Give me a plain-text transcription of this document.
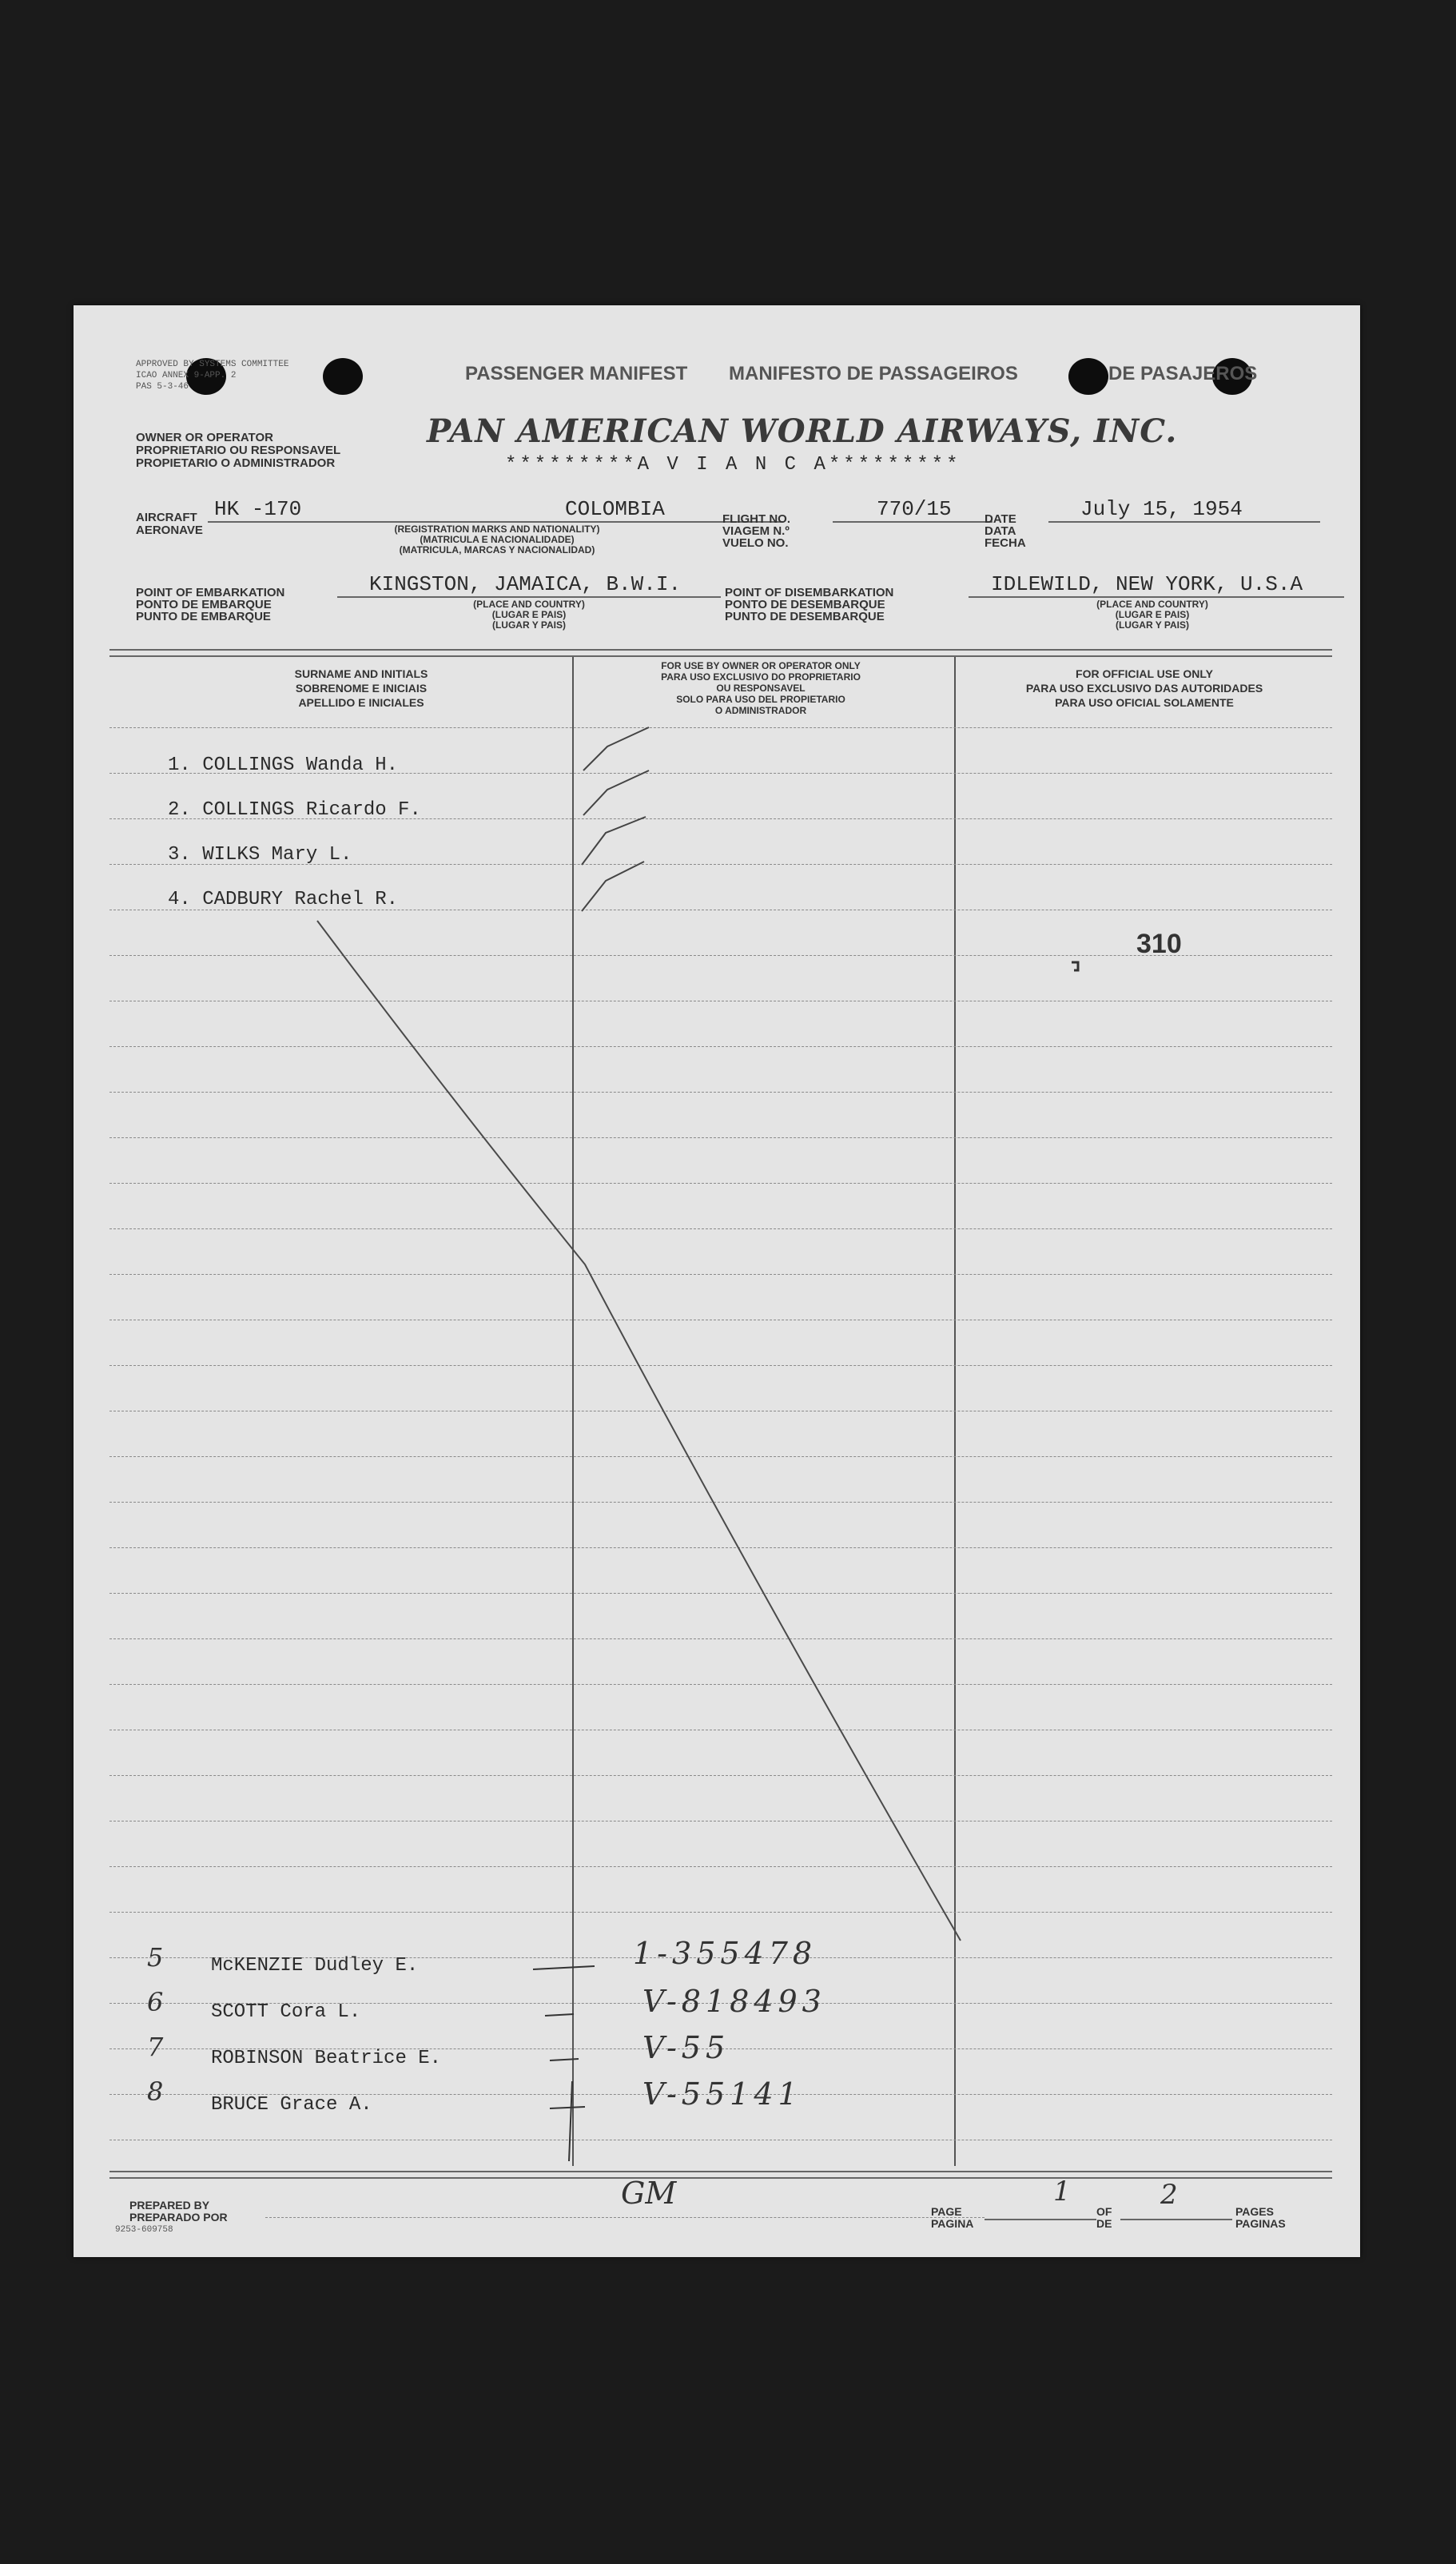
APPROVED BY SYSTEMS COMMITTEE
ICAO ANNEX 9-APP. 2
PAS 5-3-46
PASSENGER MANIFEST MANIFESTO DE PASSAGEIROS	DE PASAJEROS
OWNER OR OPERATOR
PROPRIETARIO OU RESPONSAVEL
PROPIETARIO O ADMINISTRADOR
PAN AMERICAN WORLD AIRWAYS, INC.
*********A V I A N C A*********
AIRCRAFT
AERONAVE
HK -170	COLOMBIA
(REGISTRATION MARKS AND NATIONALITY)
(MATRICULA E NACIONALIDADE)
(MATRICULA, MARCAS Y NACIONALIDAD)
FLIGHT NO.
VIAGEM N.º
VUELO NO.
770/15	DATE
DATA
FECHA
July 15, 1954
POINT OF EMBARKATION
PONTO DE EMBARQUE
PUNTO DE EMBARQUE
KINGSTON, JAMAICA, B.W.I.
(PLACE AND COUNTRY)
(LUGAR E PAIS)
(LUGAR Y PAIS)
POINT OF DISEMBARKATION
PONTO DE DESEMBARQUE
PUNTO DE DESEMBARQUE
IDLEWILD, NEW YORK, U.S.A
(PLACE AND COUNTRY)
(LUGAR E PAIS)
(LUGAR Y PAIS)
SURNAME AND INITIALS
SOBRENOME E INICIAIS
APELLIDO E INICIALES
FOR USE BY OWNER OR OPERATOR ONLY
PARA USO EXCLUSIVO DO PROPRIETARIO
OU RESPONSAVEL
SOLO PARA USO DEL PROPIETARIO
O ADMINISTRADOR
FOR OFFICIAL USE ONLY
PARA USO EXCLUSIVO DAS AUTORIDADES
PARA USO OFICIAL SOLAMENTE
1. COLLINGS Wanda H.
2. COLLINGS Ricardo F.
3. WILKS Mary L.
4. CADBURY Rachel R.
310
5 McKENZIE Dudley E.	1-355478
6 SCOTT Cora L.	V-818493
7 ROBINSON Beatrice E.	V-55
8 BRUCE Grace A.	V-55141
PREPARED BY
PREPARADO POR
9253-609758
GM
PAGE
PAGINA
1
OF
DE
2
PAGES
PAGINAS
